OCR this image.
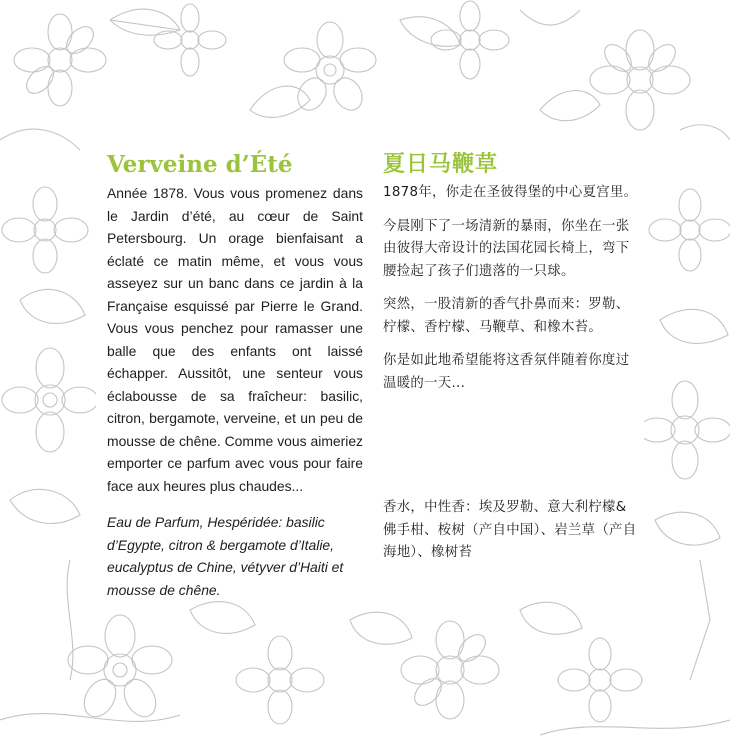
Verveine d’Été

Année 1878. Vous vous promenez dans le Jardin d’été, au cœur de Saint Petersbourg. Un orage bienfaisant a éclaté ce matin même, et vous vous asseyez sur un banc dans ce jardin à la Française esquissé par Pierre le Grand. Vous vous penchez pour ramasser une balle que des enfants ont laissé échapper. Aussitôt, une senteur vous éclabousse de sa fraîcheur: basilic, citron, bergamote, verveine, et un peu de mousse de chêne. Comme vous aimeriez emporter ce parfum avec vous pour faire face aux heures plus chaudes...

Eau de Parfum, Hespéridée: basilic d’Egypte, citron & bergamote d’Italie, eucalyptus de Chine, vétyver d’Haiti et mousse de chêne.

夏日马鞭草

1878年，你走在圣彼得堡的中心夏宫里。

今晨刚下了一场清新的暴雨，你坐在一张由彼得大帝设计的法国花园长椅上，弯下腰捡起了孩子们遗落的一只球。

突然，一股清新的香气扑鼻而来：罗勒、柠檬、香柠檬、马鞭草、和橡木苔。

你是如此地希望能将这香氛伴随着你度过温暖的一天...

香水，中性香：埃及罗勒、意大利柠檬&佛手柑、桉树（产自中国）、岩兰草（产自海地）、橡树苔
